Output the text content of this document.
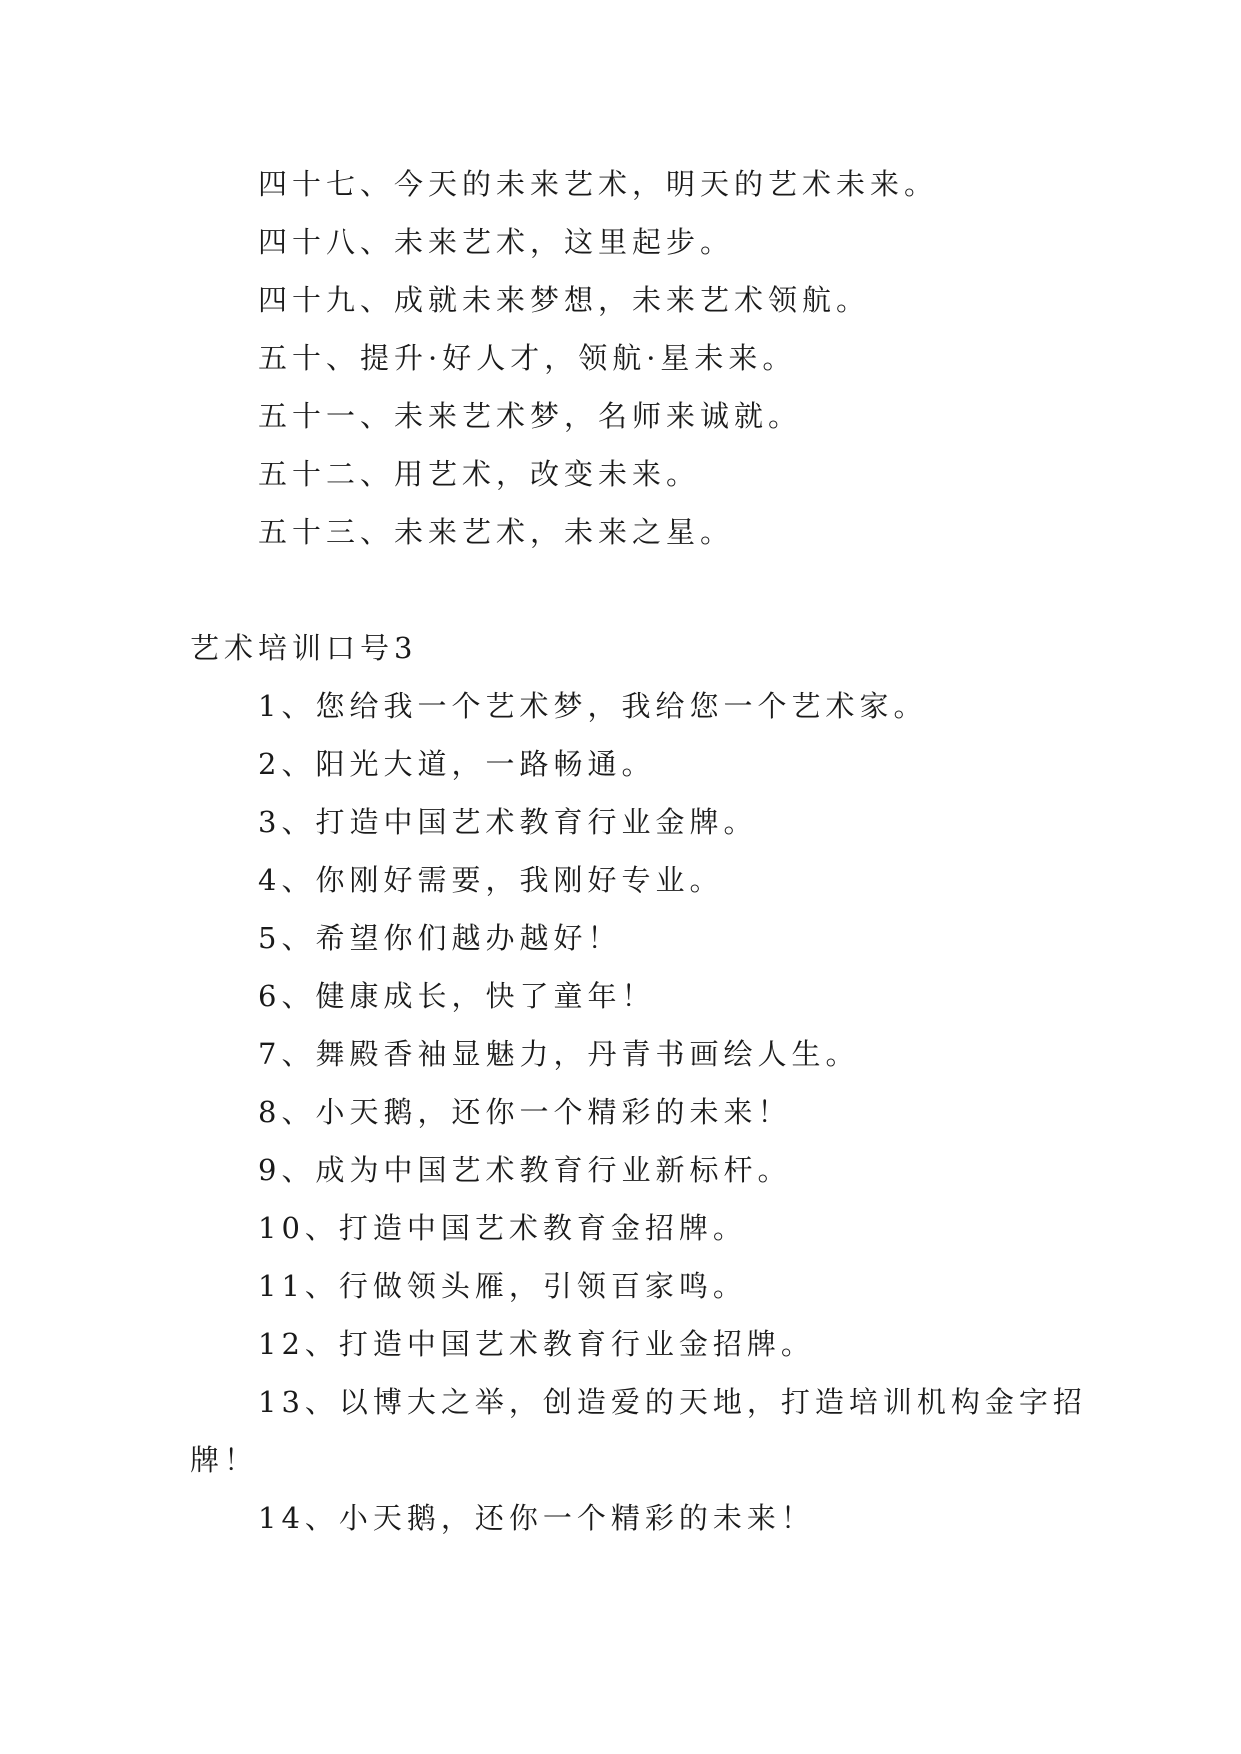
四十七、今天的未来艺术，明天的艺术未来。
四十八、未来艺术，这里起步。
四十九、成就未来梦想，未来艺术领航。
五十、提升·好人才，领航·星未来。
五十一、未来艺术梦，名师来诚就。
五十二、用艺术，改变未来。
五十三、未来艺术，未来之星。
艺术培训口号3
1、您给我一个艺术梦，我给您一个艺术家。
2、阳光大道，一路畅通。
3、打造中国艺术教育行业金牌。
4、你刚好需要，我刚好专业。
5、希望你们越办越好！
6、健康成长，快了童年！
7、舞殿香袖显魅力，丹青书画绘人生。
8、小天鹅，还你一个精彩的未来！
9、成为中国艺术教育行业新标杆。
10、打造中国艺术教育金招牌。
11、行做领头雁，引领百家鸣。
12、打造中国艺术教育行业金招牌。
13、以博大之举，创造爱的天地，打造培训机构金字招
牌！
14、小天鹅，还你一个精彩的未来！
